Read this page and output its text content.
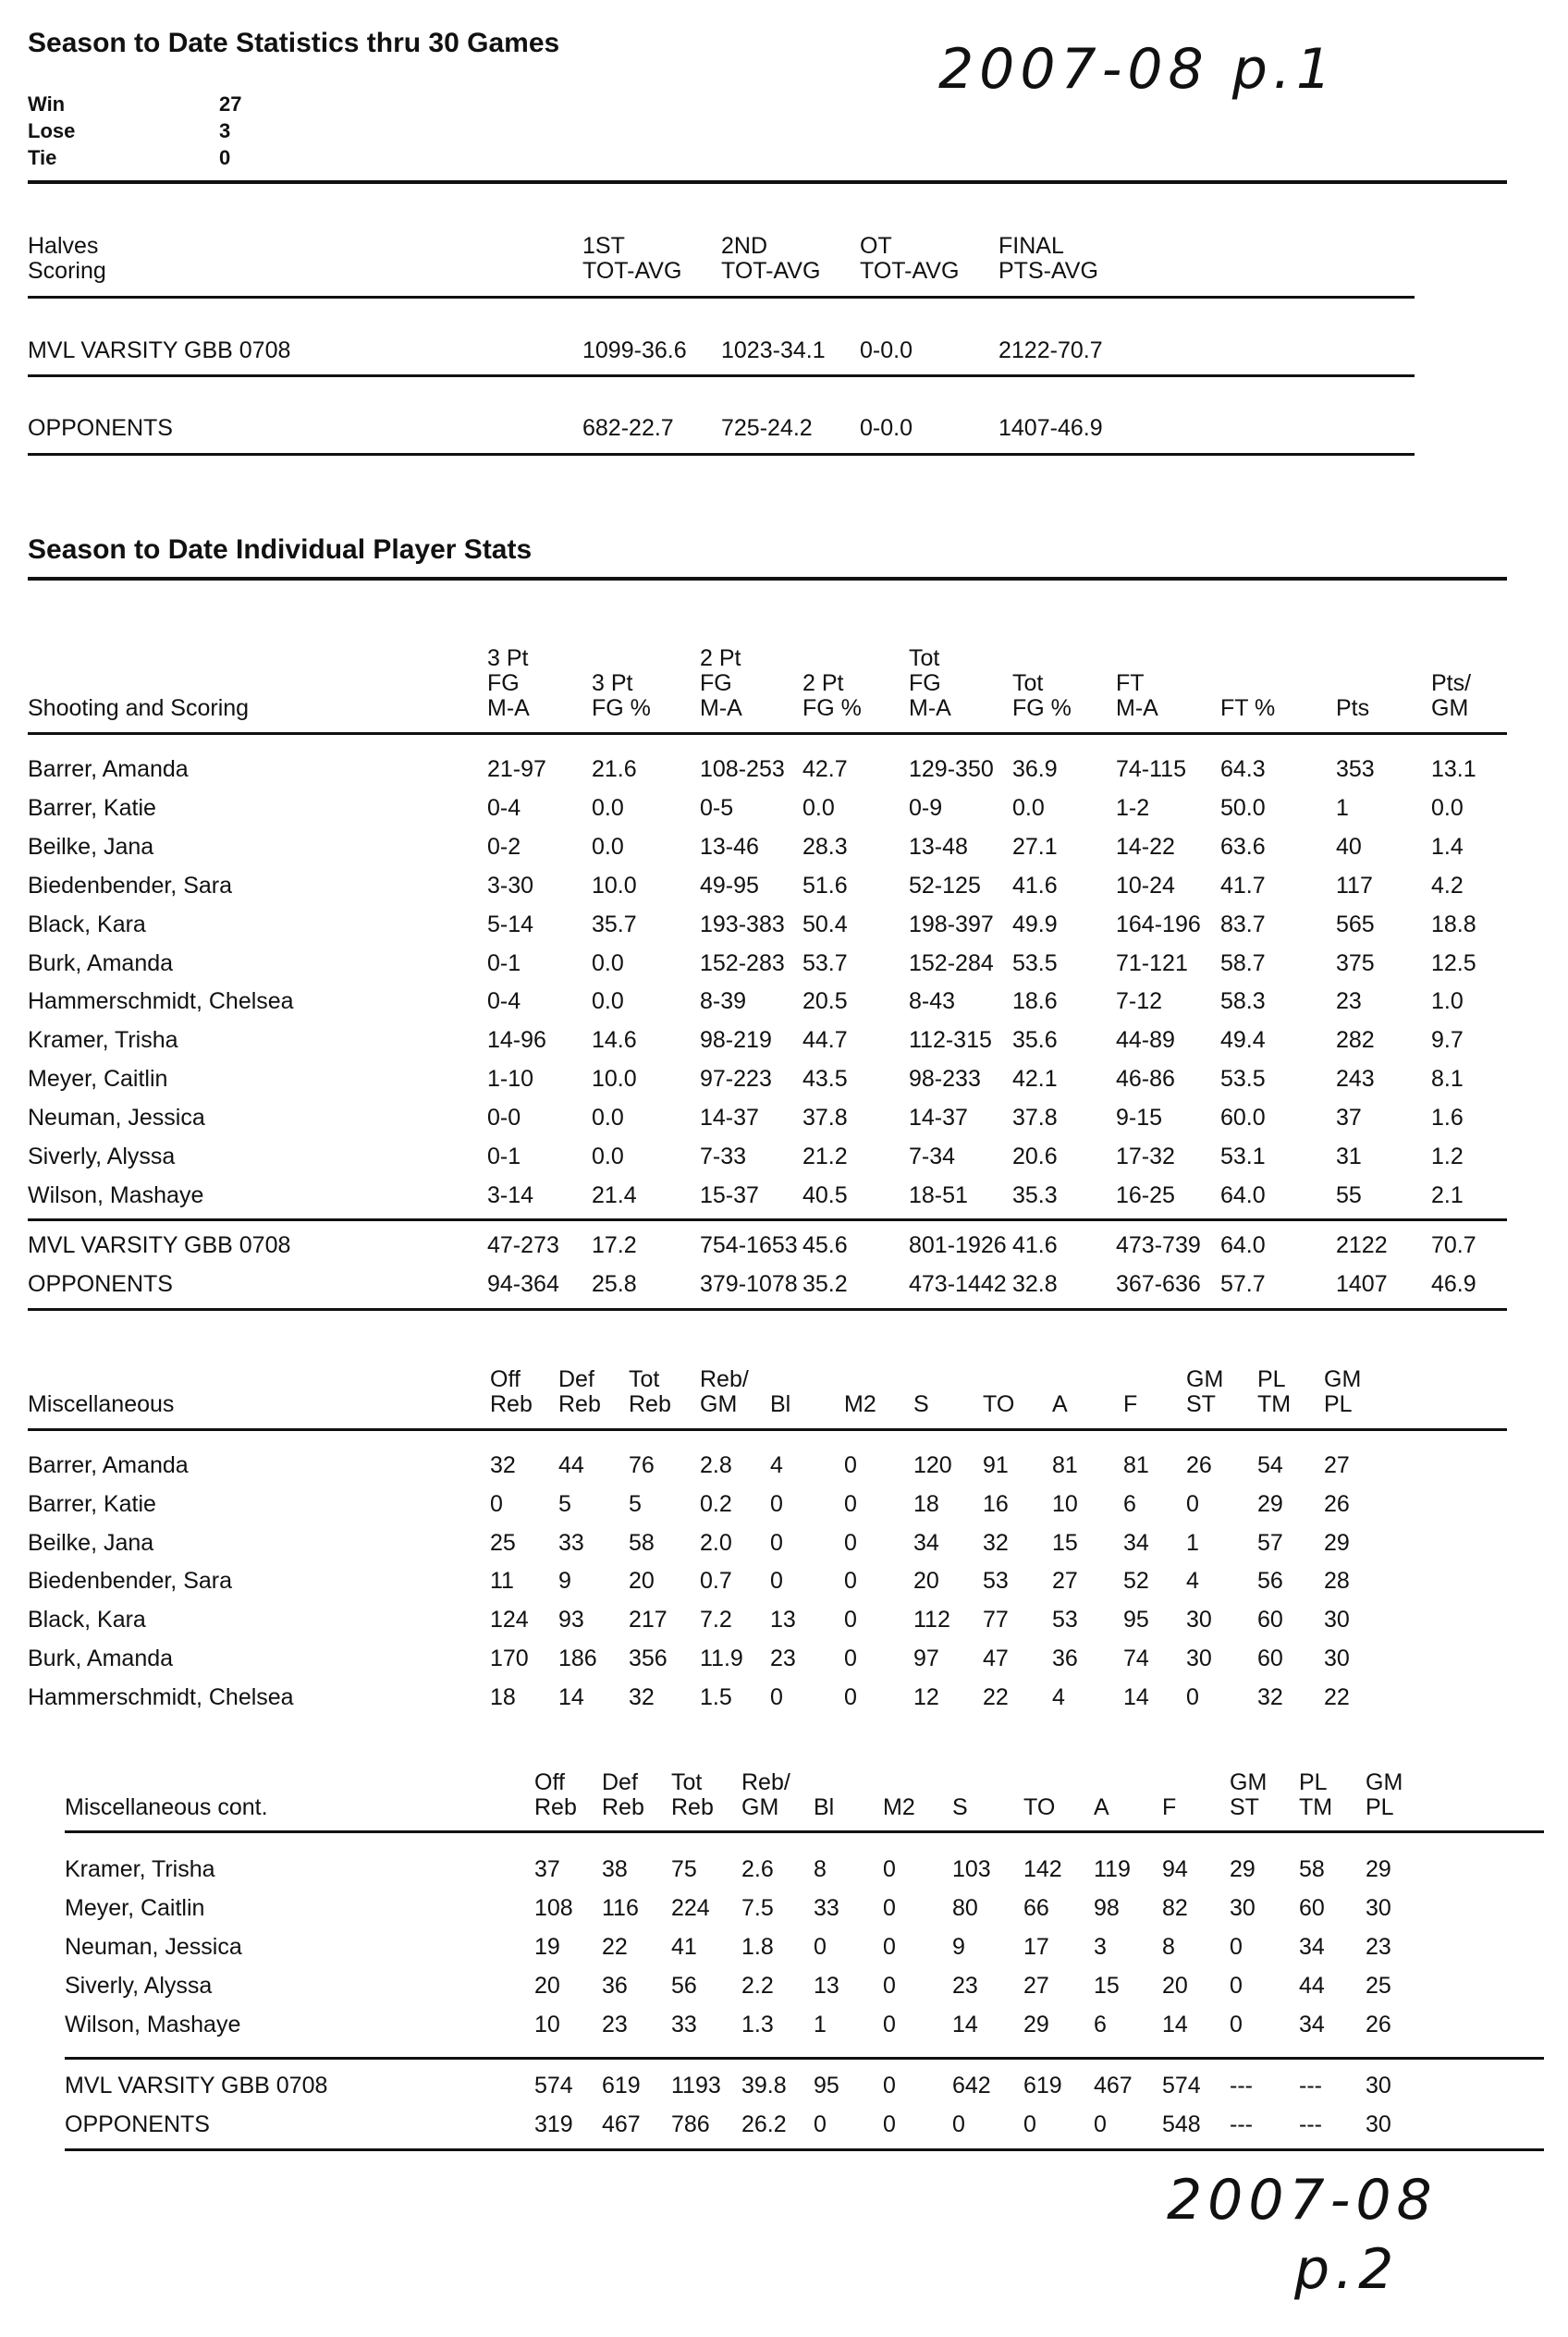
Season to Date Statistics thru 30 Games
Win
Lose
Tie
27
3
0
2007-08 p.1
Halves
Scoring
1ST
TOT-AVG
2ND
TOT-AVG
OT
TOT-AVG
FINAL
PTS-AVG
MVL VARSITY GBB 0708	1099-36.6 1023-34.1 0-0.0	2122-70.7
OPPONENTS	682-22.7 725-24.2 0-0.0	1407-46.9
Season to Date Individual Player Stats
Shooting and Scoring
3 Pt
FG
M-A
3 Pt
FG %
2 Pt
FG
M-A
2 Pt
FG %
Tot
FG
M-A
Tot
FG %
FT
M-A	FT %	Pts
Pts/
GM
Barrer, Amanda	21-97 21.6	108-253 42.7	129-350 36.9	74-115 64.3	353 13.1
Barrer, Katie	0-4	0.0	0-5	0.0	0-9	0.0	1-2	50.0	1	0.0
Beilke, Jana	0-2	0.0	13-46 28.3	13-48 27.1	14-22 63.6	40	1.4
Biedenbender, Sara	3-30	10.0	49-95 51.6	52-125 41.6	10-24 41.7	117	4.2
Black, Kara	5-14	35.7	193-383 50.4	198-397 49.9	164-196 83.7	565 18.8
Burk, Amanda	0-1	0.0	152-283 53.7	152-284 53.5	71-121 58.7	375 12.5
Hammerschmidt, Chelsea	0-4	0.0	8-39 20.5	8-43 18.6	7-12	58.3	23	1.0
Kramer, Trisha	14-96 14.6	98-219 44.7	112-315 35.6	44-89 49.4	282 9.7
Meyer, Caitlin	1-10	10.0	97-223 43.5	98-233 42.1	46-86 53.5	243 8.1
Neuman, Jessica	0-0	0.0	14-37 37.8	14-37 37.8	9-15	60.0	37	1.6
Siverly, Alyssa	0-1	0.0	7-33 21.2	7-34 20.6	17-32 53.1	31	1.2
Wilson, Mashaye	3-14	21.4	15-37 40.5	18-51 35.3	16-25 64.0	55	2.1
MVL VARSITY GBB 0708	47-273 17.2	754-1653 45.6	801-1926 41.6	473-739 64.0	2122 70.7
OPPONENTS	94-364 25.8	379-1078 35.2	473-1442 32.8	367-636 57.7	1407 46.9
Miscellaneous
Off
Reb
Def
Reb
Tot
Reb
Reb/
GM Bl M2 S TO A F
GM
ST
PL
TM
GM
PL
Barrer, Amanda	32 44 76 2.8 4	0 120 91 81 81 26 54 27
Barrer, Katie	0 5 5	0.2 0	0 18 16 10 6 0	29 26
Beilke, Jana	25 33 58 2.0 0	0 34 32 15 34 1	57 29
Biedenbender, Sara	11 9 20 0.7 0	0 20 53 27 52 4	56 28
Black, Kara	124 93 217 7.2 13 0 112 77 53 95 30 60 30
Burk, Amanda	170 186 356 11.9 23 0 97 47 36 74 30 60 30
Hammerschmidt, Chelsea	18 14 32 1.5 0	0 12 22 4	14 0	32 22
Miscellaneous cont.
Off
Reb
Def
Reb
Tot
Reb
Reb/
GM Bl M2 S TO A F
GM
ST
PL
TM
GM
PL
Kramer, Trisha	37 38 75 2.6 8 0 103 142 119 94 29 58 29
Meyer, Caitlin	108 116 224 7.5 33 0 80 66 98 82 30 60 30
Neuman, Jessica	19 22 41 1.8 0 0 9	17 3 8 0 34 23
Siverly, Alyssa	20 36 56 2.2 13 0 23 27 15 20 0 44 25
Wilson, Mashaye	10 23 33 1.3 1 0 14 29 6 14 0 34 26
MVL VARSITY GBB 0708	574 619 1193 39.8 95 0 642 619 467 574 --- --- 30
OPPONENTS	319 467 786 26.2 0 0 0	0 0 548 --- --- 30
2007-08
p.2
